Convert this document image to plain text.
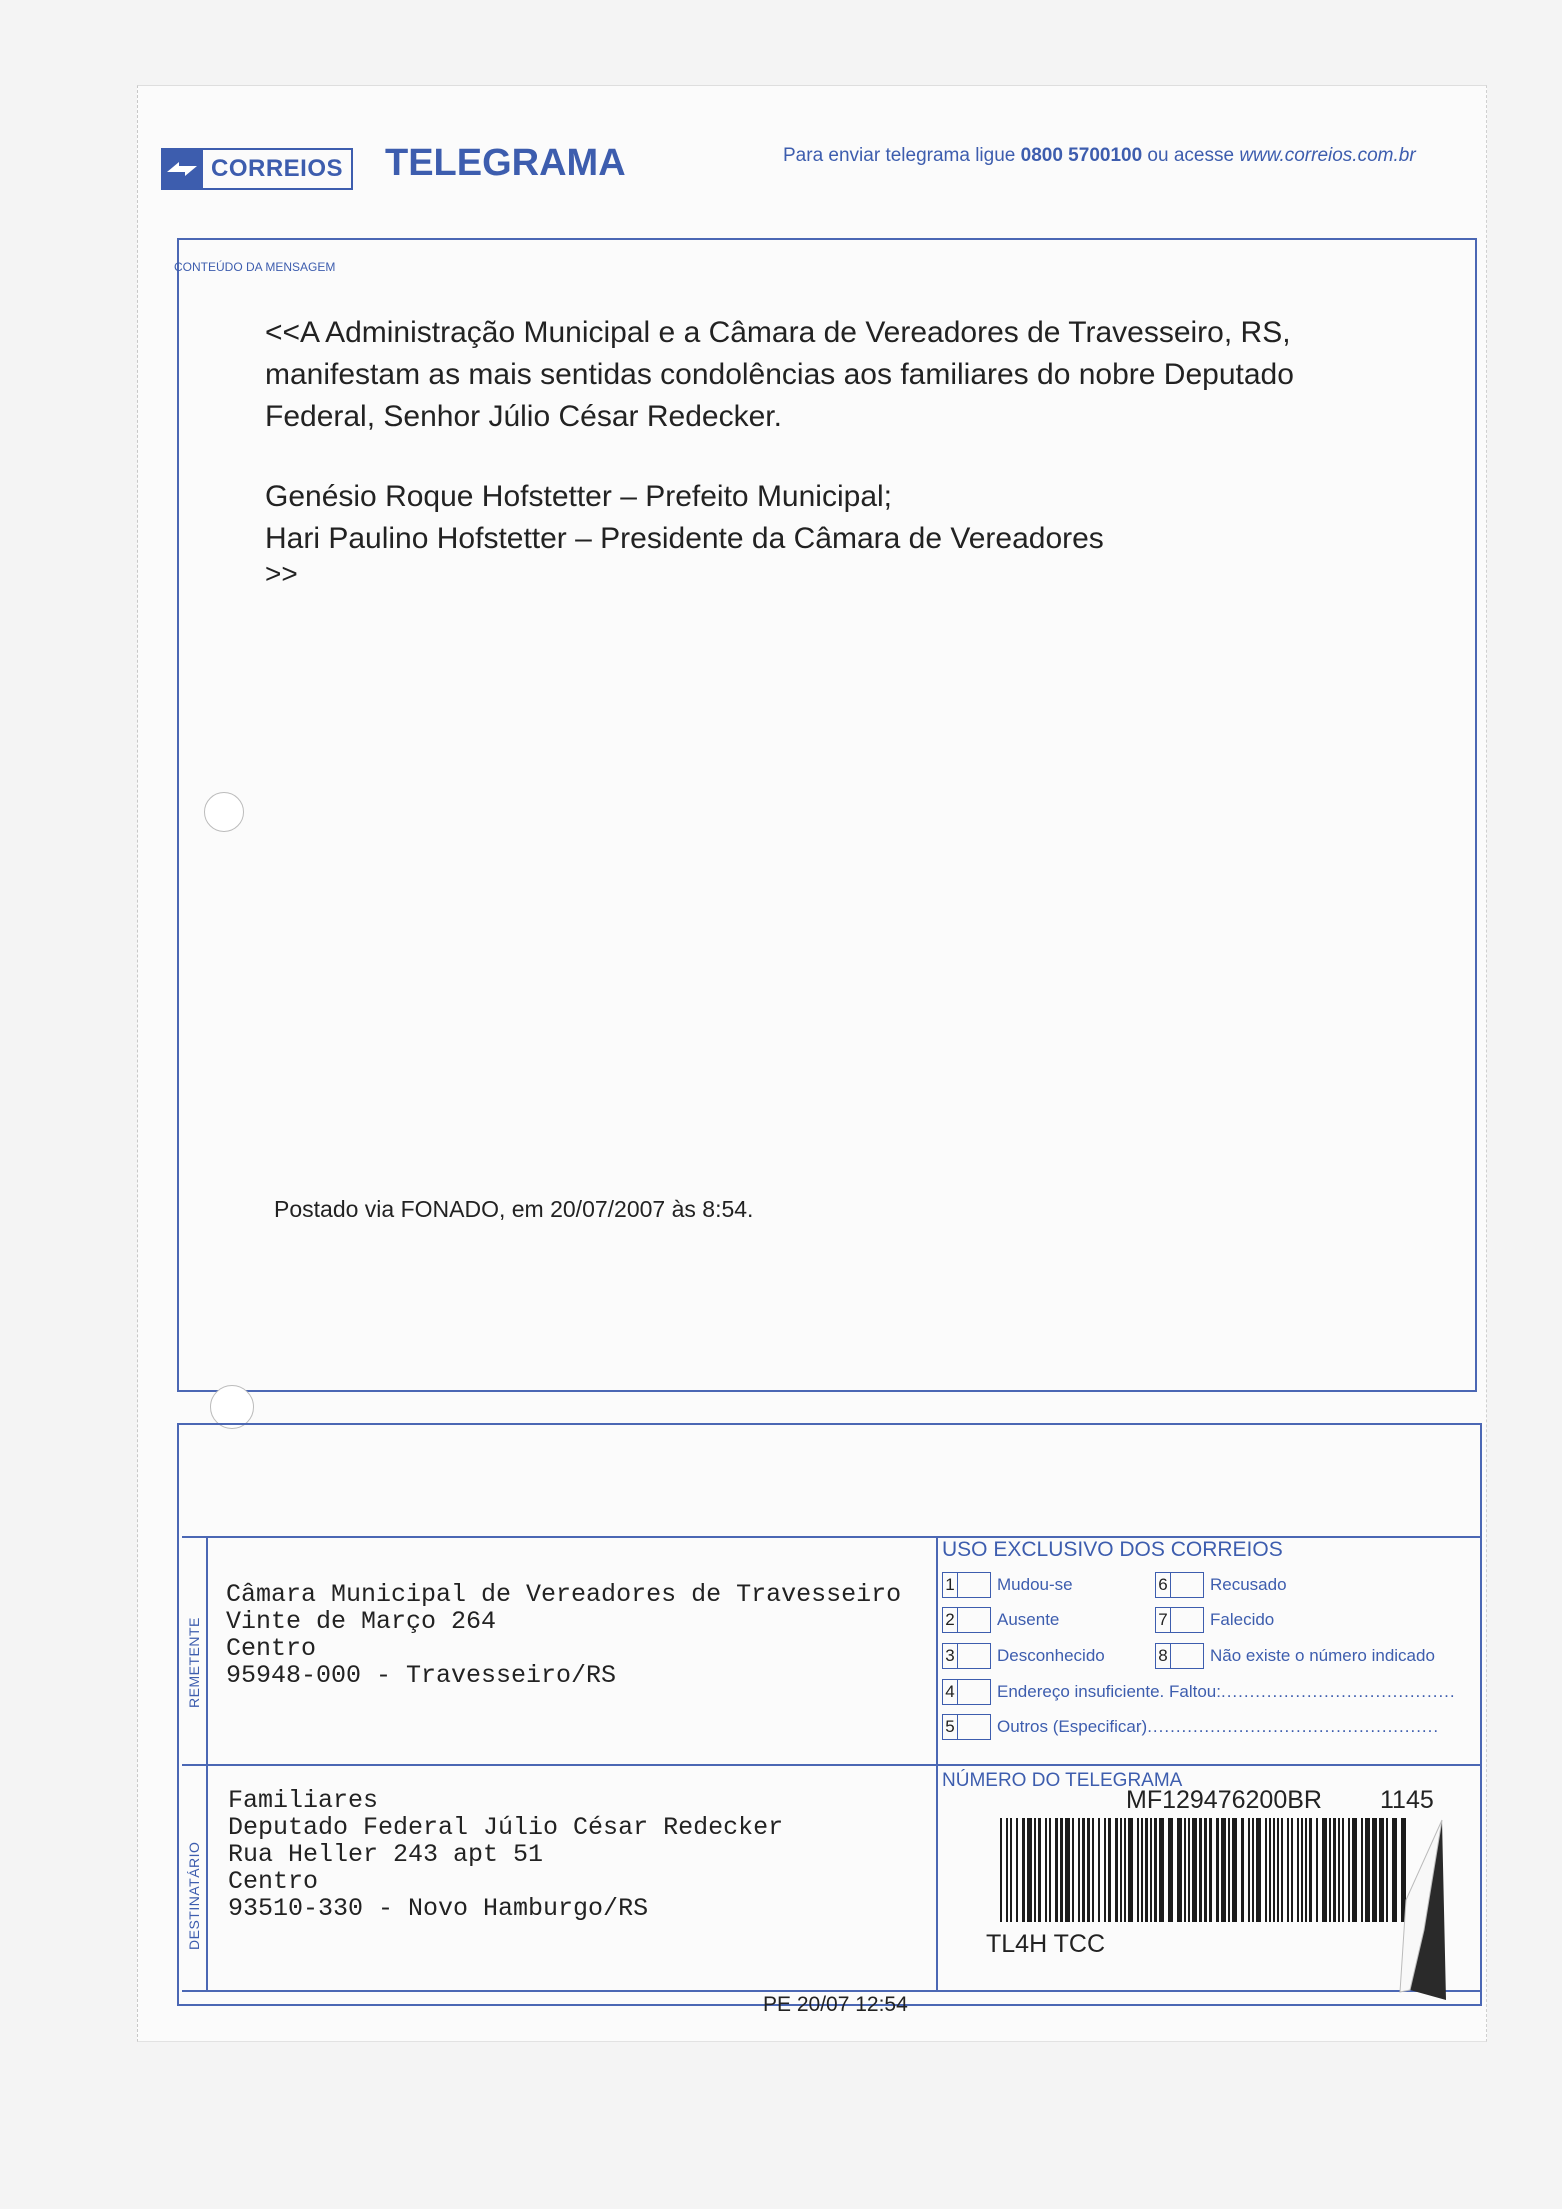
CORREIOS TELEGRAMA	Para enviar telegrama ligue 0800 5700100 ou acesse www.correios.com.br
CONTEÚDO DA MENSAGEM

<<A Administração Municipal e a Câmara de Vereadores de Travesseiro, RS,

manifestam as mais sentidas condolências aos familiares do nobre Deputado

Federal, Senhor Júlio César Redecker.

Genésio Roque Hofstetter – Prefeito Municipal;
Hari Paulino Hofstetter – Presidente da Câmara de Vereadores
>>
Postado via FONADO, em 20/07/2007 às 8:54.
REMETENTE
DESTINATÁRIO
Câmara Municipal de Vereadores de Travesseiro
Vinte de Março 264
Centro
95948-000 - Travesseiro/RS
Familiares
Deputado Federal Júlio César Redecker
Rua Heller 243 apt 51
Centro
93510-330 - Novo Hamburgo/RS
USO EXCLUSIVO DOS CORREIOS
1 Mudou-se
2 Ausente
3 Desconhecido
4 Endereço insuficiente. Faltou: .........................................
5 Outros (Especificar) ...................................................
6 Recusado
7 Falecido
8 Não existe o número indicado
NÚMERO DO TELEGRAMA
MF129476200BR 1145
TL4H TCC
PE 20/07 12:54
